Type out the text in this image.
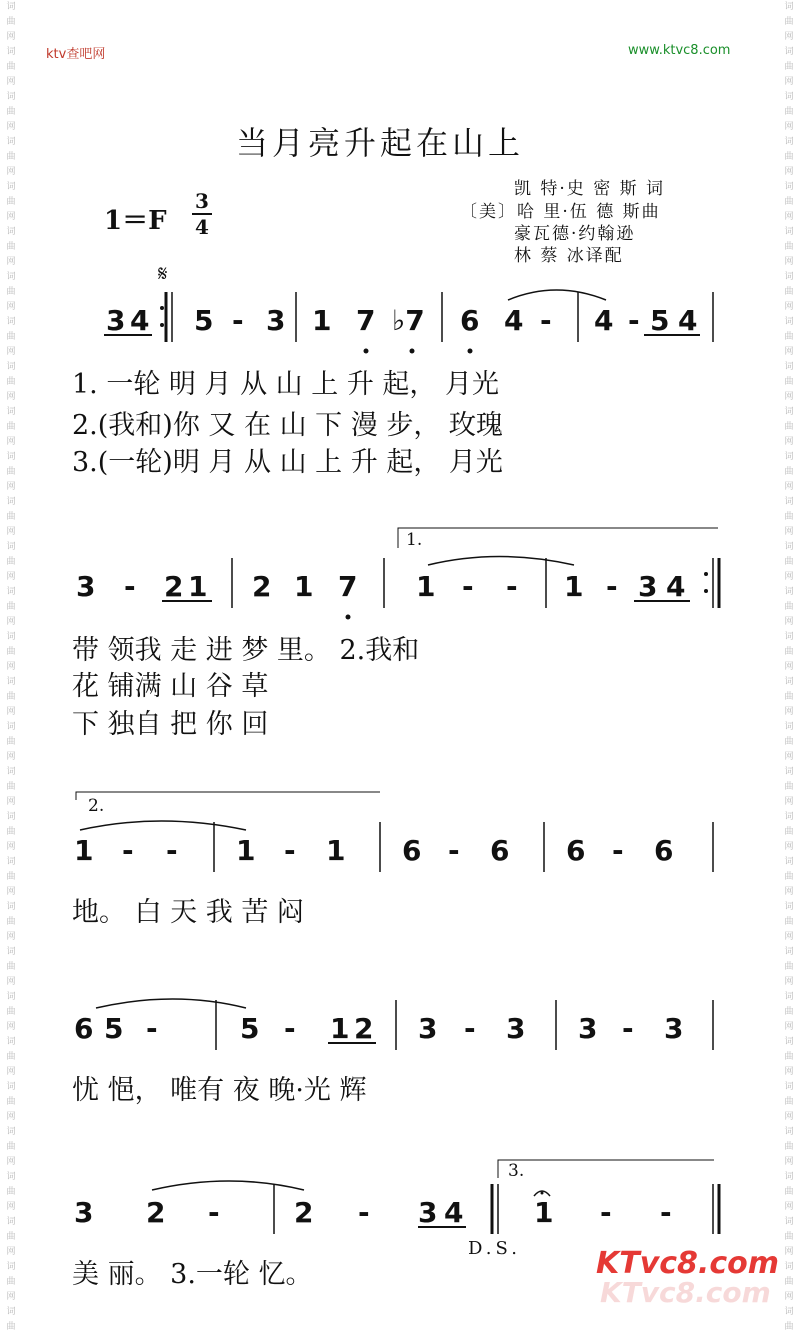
词
曲
网
词
曲
网
词
曲
网
词
曲
网
词
曲
网
词
曲
网
词
曲
网
词
曲
网
词
曲
网
词
曲
网
词
曲
网
词
曲
网
词
曲
网
词
曲
网
词
曲
网
词
曲
网
词
曲
网
词
曲
网
词
曲
网
词
曲
网
词
曲
网
词
曲
网
词
曲
网
词
曲
网
词
曲
网
词
曲
网
词
曲
网
词
曲
网
词
曲
网
词
曲
词
曲
网
词
曲
网
词
曲
网
词
曲
网
词
曲
网
词
曲
网
词
曲
网
词
曲
网
词
曲
网
词
曲
网
词
曲
网
词
曲
网
词
曲
网
词
曲
网
词
曲
网
词
曲
网
词
曲
网
词
曲
网
词
曲
网
词
曲
网
词
曲
网
词
曲
网
词
曲
网
词
曲
网
词
曲
网
词
曲
网
词
曲
网
词
曲
网
词
曲
网
词
曲
ktv查吧网	www.ktvc8.com
当月亮升起在山上
凯 特·史 密 斯 词
〔美〕哈 里·伍 德 斯曲
豪瓦德·约翰逊
林 蔡 冰译配
1＝F
3
4
𝄋
1.
2.
3.
3 4 5 - 3 1 7 ♭7 6 4 - 4 - 5 4
1. 一轮 明 月 从 山 上 升 起， 月光
2.(我和)你 又 在 山 下 漫 步， 玫瑰
3.(一轮)明 月 从 山 上 升 起， 月光
3 - 2 1 2 1 7 1 - - 1 - 3 4
带 领我 走 进 梦 里。 2.我和
花 铺满 山 谷 草
下 独自 把 你 回
1 - - 1 - 1 6 - 6 6 - 6
地。 白 天 我 苦 闷
6 5 -	5 - 1 2 3 - 3 3 - 3
忧 悒， 唯有 夜 晚·光 辉
3 2 -	2 - 3 4	1 - -
D.S.
美 丽。 3.一轮 忆。	KTvc8.com
KTvc8.com
